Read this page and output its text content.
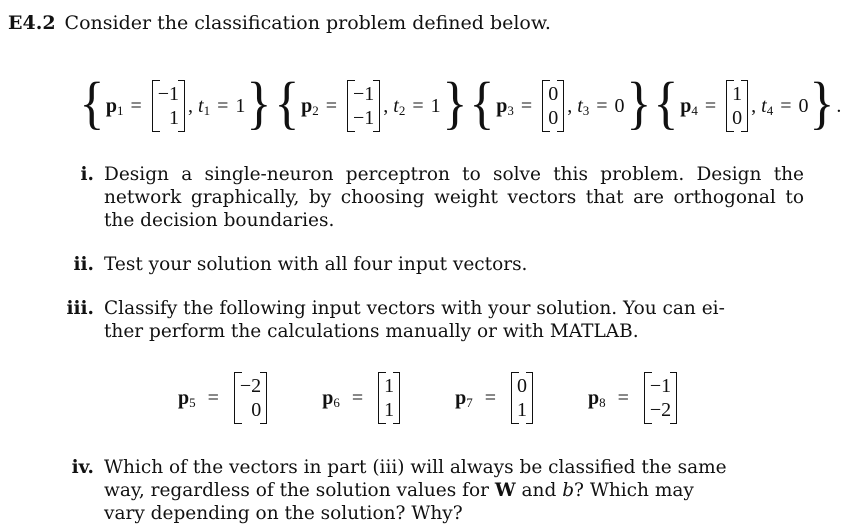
E4.2 Consider the classification problem defined below.
{ p 1 =
−1
1
,
t 1 = 1 } { p 2 =
−1
−1
,
t 2 = 1 } { p 3 =
0
0
,
t 3 = 0 } { p 4 =
1
0
,
t 4 = 0 } .
i. Design a single-neuron perceptron to solve this problem. Design the network graphically, by choosing weight vectors that are orthogonal to the decision boundaries.
ii. Test your solution with all four input vectors.
iii. Classify the following input vectors with your solution. You can ei-
ther perform the calculations manually or with MATLAB.
p 5 =
−2
0
p 6 =
1
1
p 7 =
0
1
p 8 =
−1
−2
iv. Which of the vectors in part (iii) will always be classified the same
way, regardless of the solution values for W and b? Which may
vary depending on the solution? Why?
